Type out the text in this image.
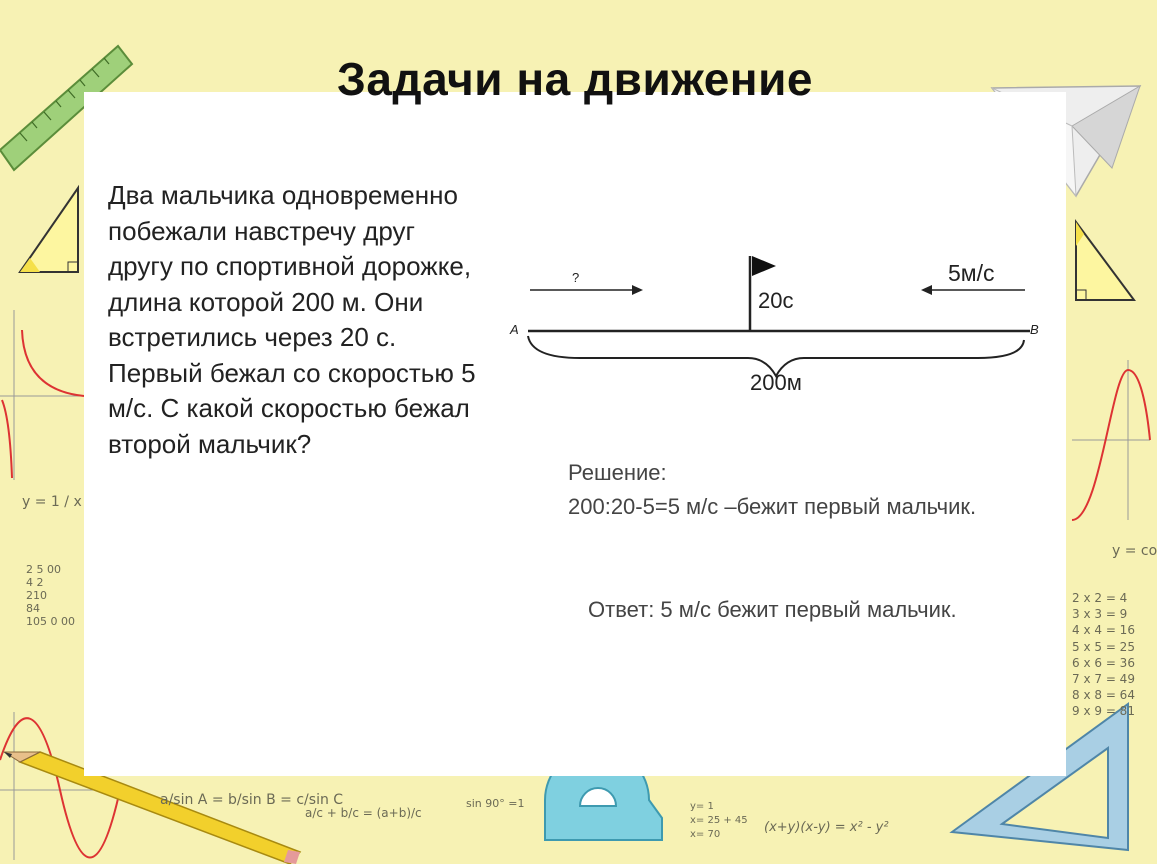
y = 1 / x
y = co
2 5 00
4 2
210
84
105 0 00
2 x 2 = 4
3 x 3 = 9
4 x 4 = 16
5 x 5 = 25
6 x 6 = 36
7 x 7 = 49
8 x 8 = 64
9 x 9 = 81
a/sin A = b/sin B = c/sin C
a/c + b/c = (a+b)/c
sin 90° =1	y= 1
x= 25 + 45
x= 70	(x+y)(x-y) = x² - y²
Задачи на движение
Два мальчика одновременно побежали навстречу друг другу по спортивной дорожке, длина которой 200 м. Они встретились через 20 с. Первый бежал со скоростью 5 м/с. С какой скоростью бежал второй мальчик?
A	B
?	5м/с
20с
200м
Решение:
200:20-5=5 м/с –бежит первый мальчик.
Ответ: 5 м/с бежит первый мальчик.
